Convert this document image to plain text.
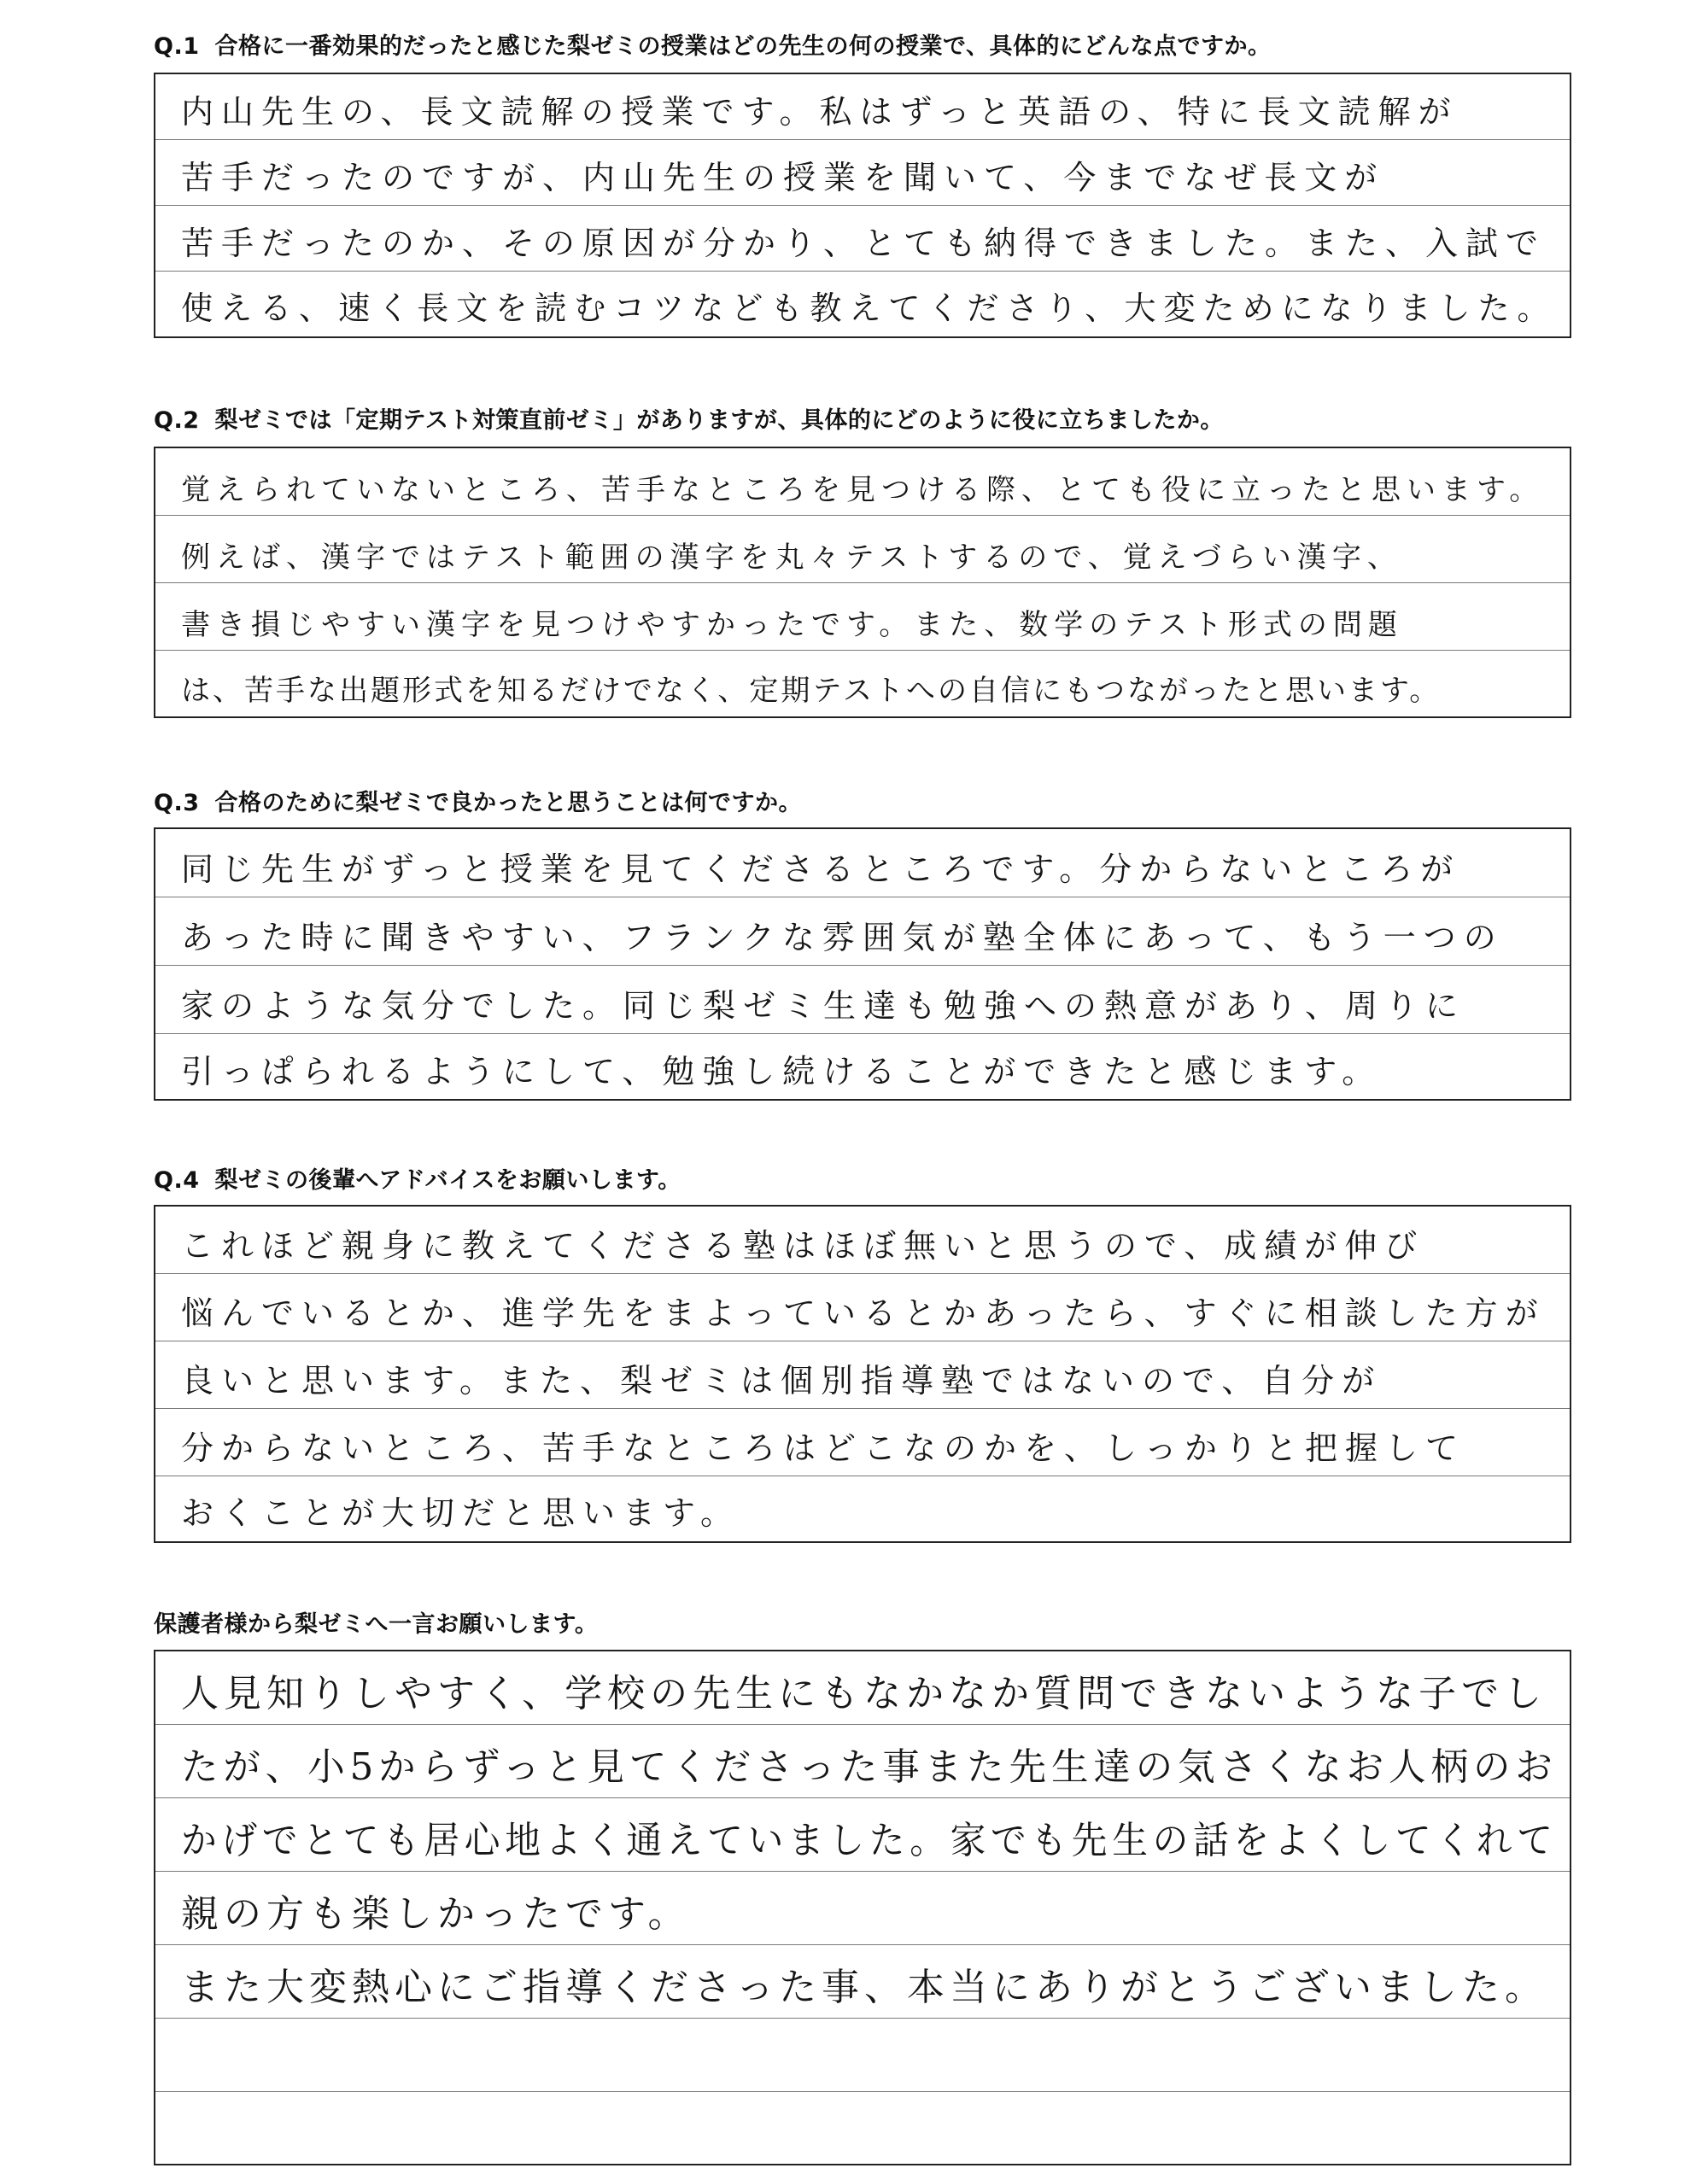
Q.1 合格に一番効果的だったと感じた梨ゼミの授業はどの先生の何の授業で、具体的にどんな点ですか。
内山先生の、長文読解の授業です。私はずっと英語の、特に長文読解が
苦手だったのですが、内山先生の授業を聞いて、今までなぜ長文が
苦手だったのか、その原因が分かり、とても納得できました。また、入試で
使える、速く長文を読むコツなども教えてくださり、大変ためになりました。
Q.2 梨ゼミでは「定期テスト対策直前ゼミ」がありますが、具体的にどのように役に立ちましたか。
覚えられていないところ、苦手なところを見つける際、とても役に立ったと思います。
例えば、漢字ではテスト範囲の漢字を丸々テストするので、覚えづらい漢字、
書き損じやすい漢字を見つけやすかったです。また、数学のテスト形式の問題
は、苦手な出題形式を知るだけでなく、定期テストへの自信にもつながったと思います。
Q.3 合格のために梨ゼミで良かったと思うことは何ですか。
同じ先生がずっと授業を見てくださるところです。分からないところが
あった時に聞きやすい、フランクな雰囲気が塾全体にあって、もう一つの
家のような気分でした。同じ梨ゼミ生達も勉強への熱意があり、周りに
引っぱられるようにして、勉強し続けることができたと感じます。
Q.4 梨ゼミの後輩へアドバイスをお願いします。
これほど親身に教えてくださる塾はほぼ無いと思うので、成績が伸び
悩んでいるとか、進学先をまよっているとかあったら、すぐに相談した方が
良いと思います。また、梨ゼミは個別指導塾ではないので、自分が
分からないところ、苦手なところはどこなのかを、しっかりと把握して
おくことが大切だと思います。
保護者様から梨ゼミへ一言お願いします。
人見知りしやすく、学校の先生にもなかなか質問できないような子でし
たが、小5からずっと見てくださった事また先生達の気さくなお人柄のお
かげでとても居心地よく通えていました。家でも先生の話をよくしてくれて
親の方も楽しかったです。
また大変熱心にご指導くださった事、本当にありがとうございました。
